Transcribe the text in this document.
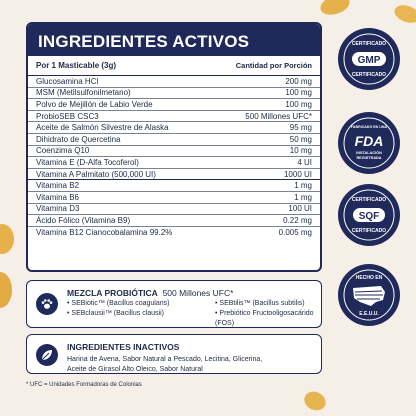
INGREDIENTES ACTIVOS
Por 1 Masticable (3g)	Cantidad por Porción
Glucosamina HCl	200 mg
MSM (Metilsulfonilmetano)	100 mg
Polvo de Mejillón de Labio Verde	100 mg
ProbioSEB CSC3	500 Millones UFC*
Aceite de Salmón Silvestre de Alaska	95 mg
Dihidrato de Quercetina	50 mg
Coenzima Q10	10 mg
Vitamina E (D-Alfa Tocoferol)	4 UI
Vitamina A Palmitato (500,000 UI)	1000 UI
Vitamina B2	1 mg
Vitamina B6	1 mg
Vitamina D3	100 UI
Ácido Fólico (Vitamina B9)	0.22 mg
Vitamina B12 Cianocobalamina 99.2%	0.005 mg
MEZCLA PROBIÓTICA 500 Millones UFC*
• SEBiotic™ (Bacillus coagulans)	• SEBtilis™ (Bacillus subtilis)
• SEBclausii™ (Bacillus clausii)	• Prebiótico Fructooligosacárido (FOS)
INGREDIENTES INACTIVOS
Harina de Avena, Sabor Natural a Pescado, Lecitina, Glicerina,
Aceite de Girasol Alto Oleico, Sabor Natural
* UFC = Unidades Formadoras de Colonias
GMP
CERTIFICADO
CERTIFICADO
FABRICADO EN UNA
FDA
INSTALACIÓN
REGISTRADA
SQF
CERTIFICADO
CERTIFICADO
HECHO EN
E.E.U.U.
